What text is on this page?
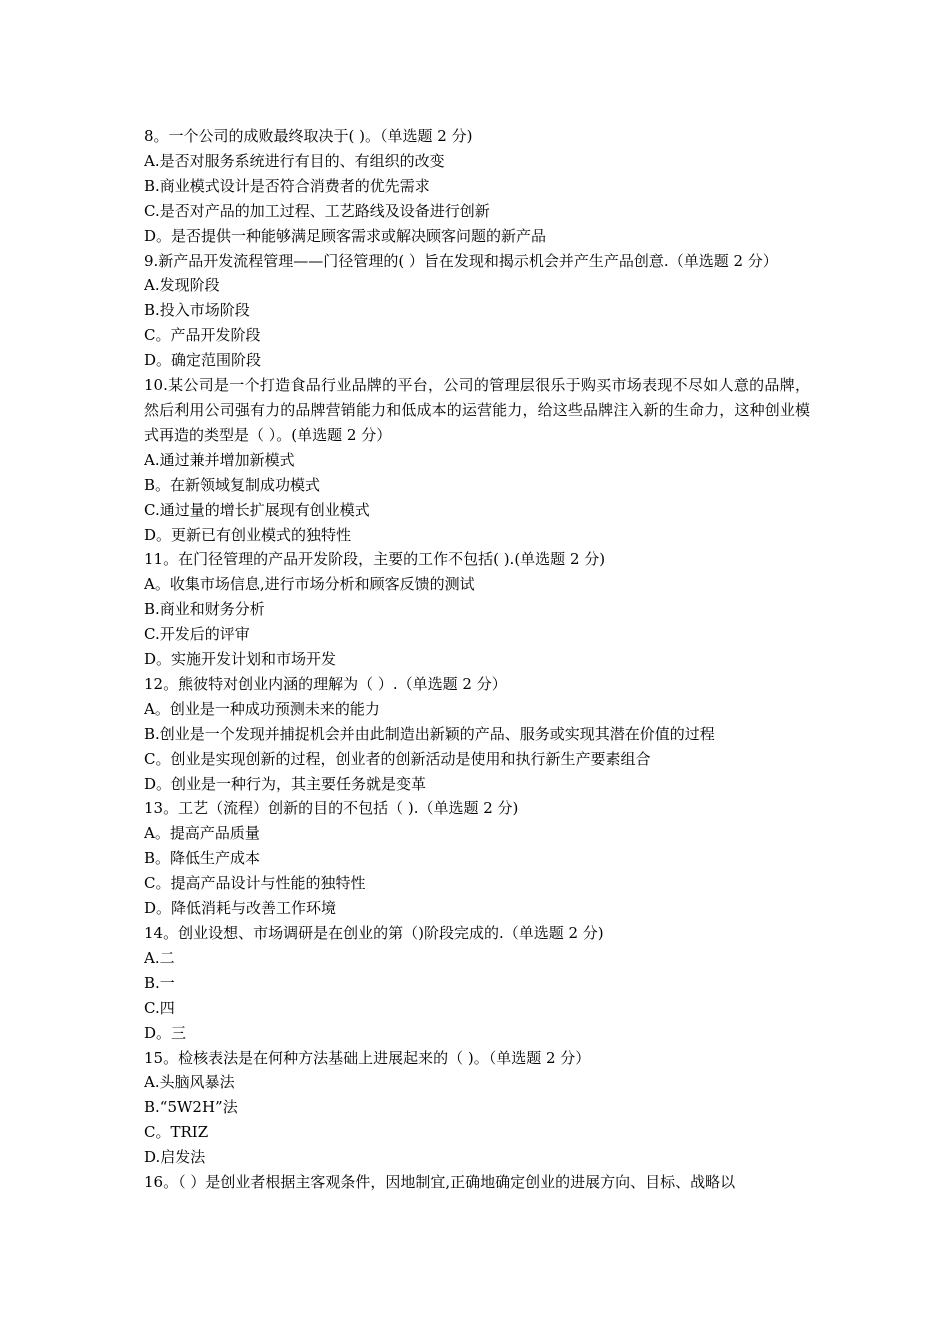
8。一个公司的成败最终取决于( )。（单选题 2 分)
A.是否对服务系统进行有目的、有组织的改变
B.商业模式设计是否符合消费者的优先需求
C.是否对产品的加工过程、工艺路线及设备进行创新
D。是否提供一种能够满足顾客需求或解决顾客问题的新产品
9.新产品开发流程管理——门径管理的( ）旨在发现和揭示机会并产生产品创意.（单选题 2 分）
A.发现阶段
B.投入市场阶段
C。产品开发阶段
D。确定范围阶段
10.某公司是一个打造食品行业品牌的平台，公司的管理层很乐于购买市场表现不尽如人意的品牌，然后利用公司强有力的品牌营销能力和低成本的运营能力，给这些品牌注入新的生命力，这种创业模式再造的类型是（ ）。(单选题 2 分）
A.通过兼并增加新模式
B。在新领域复制成功模式
C.通过量的增长扩展现有创业模式
D。更新已有创业模式的独特性
11。在门径管理的产品开发阶段，主要的工作不包括( ).(单选题 2 分)
A。收集市场信息,进行市场分析和顾客反馈的测试
B.商业和财务分析
C.开发后的评审
D。实施开发计划和市场开发
12。熊彼特对创业内涵的理解为（ ）.（单选题 2 分）
A。创业是一种成功预测未来的能力
B.创业是一个发现并捕捉机会并由此制造出新颖的产品、服务或实现其潜在价值的过程
C。创业是实现创新的过程，创业者的创新活动是使用和执行新生产要素组合
D。创业是一种行为，其主要任务就是变革
13。工艺（流程）创新的目的不包括（ ).（单选题 2 分)
A。提高产品质量
B。降低生产成本
C。提高产品设计与性能的独特性
D。降低消耗与改善工作环境
14。创业设想、市场调研是在创业的第（)阶段完成的.（单选题 2 分)
A.二
B.一
C.四
D。三
15。检核表法是在何种方法基础上进展起来的（ )。（单选题 2 分）
A.头脑风暴法
B.“5W2H”法
C。TRIZ
D.启发法
16。（ ）是创业者根据主客观条件，因地制宜,正确地确定创业的进展方向、目标、战略以
